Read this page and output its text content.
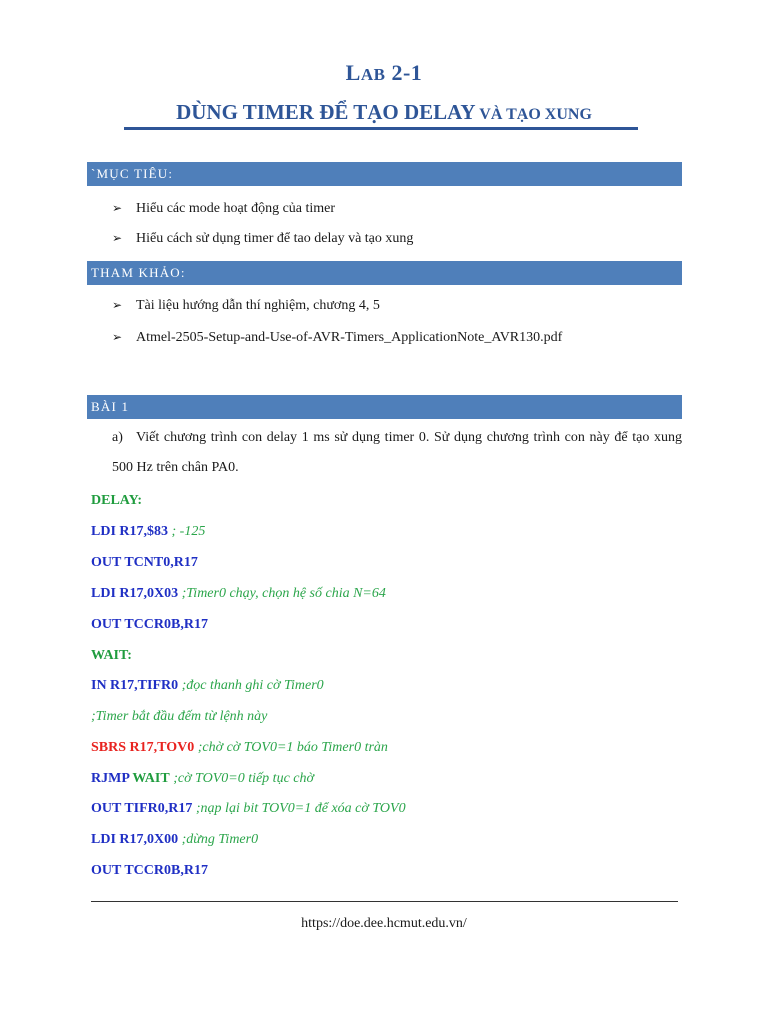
LAB 2-1
DÙNG TIMER ĐỂ TẠO DELAY VÀ TẠO XUNG
`MỤC TIÊU:
➢ Hiểu các mode hoạt động của timer
➢ Hiểu cách sử dụng timer để tao delay và tạo xung
THAM KHẢO:
➢ Tài liệu hướng dẫn thí nghiệm, chương 4, 5
➢ Atmel-2505-Setup-and-Use-of-AVR-Timers_ApplicationNote_AVR130.pdf
BÀI 1
a) Viết chương trình con delay 1 ms sử dụng timer 0. Sử dụng chương trình con này để tạo xung 500 Hz trên chân PA0.
DELAY:
LDI R17,$83 ; -125
OUT TCNT0,R17
LDI R17,0X03 ;Timer0 chạy, chọn hệ số chia N=64
OUT TCCR0B,R17
WAIT:
IN R17,TIFR0 ;đọc thanh ghi cờ Timer0
;Timer bắt đầu đếm từ lệnh này
SBRS R17,TOV0 ;chờ cờ TOV0=1 báo Timer0 tràn
RJMP WAIT ;cờ TOV0=0 tiếp tục chờ
OUT TIFR0,R17 ;nạp lại bit TOV0=1 để xóa cờ TOV0
LDI R17,0X00 ;dừng Timer0
OUT TCCR0B,R17
https://doe.dee.hcmut.edu.vn/
